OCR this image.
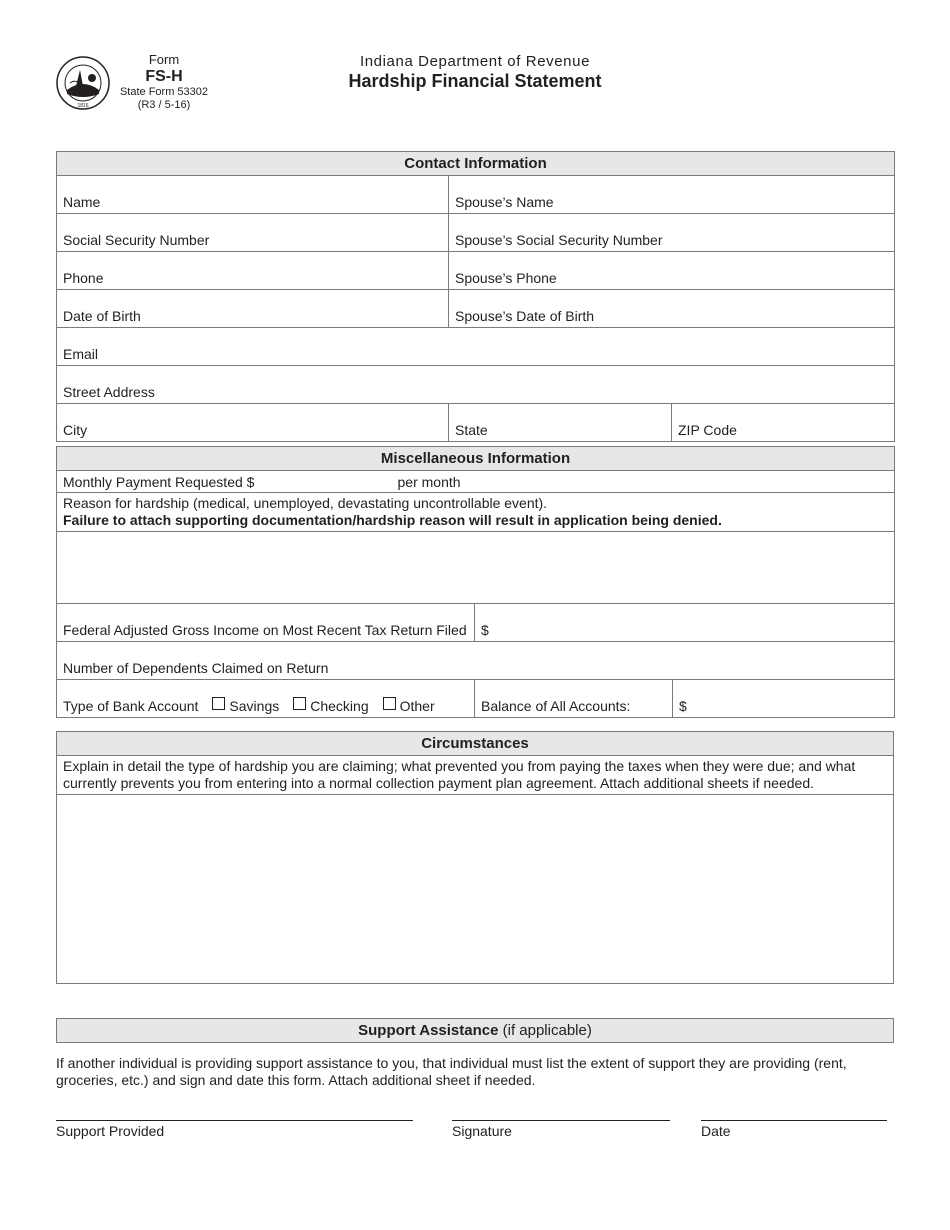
1816
Form
FS-H
State Form 53302
(R3 / 5-16)
Indiana Department of Revenue
Hardship Financial Statement
Contact Information		
Name	Spouse’s Name	
Social Security Number	Spouse’s Social Security Number	
Phone	Spouse’s Phone	
Date of Birth	Spouse’s Date of Birth	
Email		
Street Address		
City	State	ZIP Code
Miscellaneous Information		
Monthly Payment Requested $ per month		

Reason for hardship (medical, unemployed, devastating uncontrollable event).
Failure to attach supporting documentation/hardship reason will result in application being denied.		

Federal Adjusted Gross Income on Most Recent Tax Return Filed	$	
Number of Dependents Claimed on Return		
Type of Bank Account Savings Checking Other	Balance of All Accounts:	$
Circumstances
Explain in detail the type of hardship you are claiming; what prevented you from paying the taxes when they were due; and what currently prevents you from entering into a normal collection payment plan agreement. Attach additional sheets if needed.

Support Assistance (if applicable)
If another individual is providing support assistance to you, that individual must list the extent of support they are providing (rent, groceries, etc.) and sign and date this form. Attach additional sheet if needed.
Support Provided	Signature	Date
